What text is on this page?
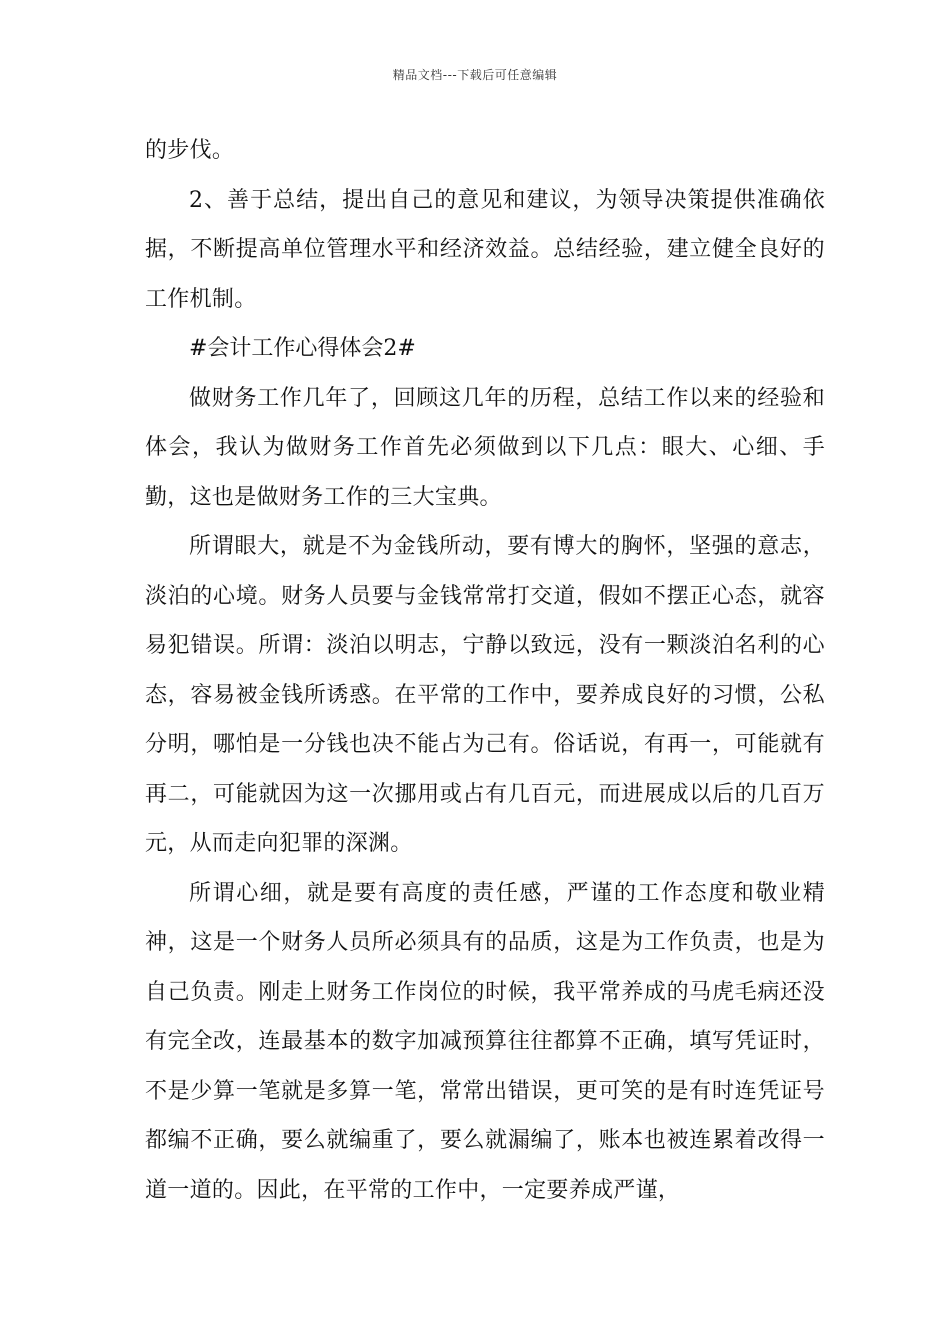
精品文档---下载后可任意编辑

的步伐。

2、善于总结，提出自己的意见和建议，为领导决策提供准确依据，不断提高单位管理水平和经济效益。总结经验，建立健全良好的工作机制。

#会计工作心得体会2#

做财务工作几年了，回顾这几年的历程，总结工作以来的经验和体会，我认为做财务工作首先必须做到以下几点：眼大、心细、手勤，这也是做财务工作的三大宝典。

所谓眼大，就是不为金钱所动，要有博大的胸怀，坚强的意志，淡泊的心境。财务人员要与金钱常常打交道，假如不摆正心态，就容易犯错误。所谓：淡泊以明志，宁静以致远，没有一颗淡泊名利的心态，容易被金钱所诱惑。在平常的工作中，要养成良好的习惯，公私分明，哪怕是一分钱也决不能占为己有。俗话说，有再一，可能就有再二，可能就因为这一次挪用或占有几百元，而进展成以后的几百万元，从而走向犯罪的深渊。

所谓心细，就是要有高度的责任感，严谨的工作态度和敬业精神，这是一个财务人员所必须具有的品质，这是为工作负责，也是为自己负责。刚走上财务工作岗位的时候，我平常养成的马虎毛病还没有完全改，连最基本的数字加减预算往往都算不正确，填写凭证时，不是少算一笔就是多算一笔，常常出错误，更可笑的是有时连凭证号都编不正确，要么就编重了，要么就漏编了，账本也被连累着改得一道一道的。因此，在平常的工作中，一定要养成严谨，
